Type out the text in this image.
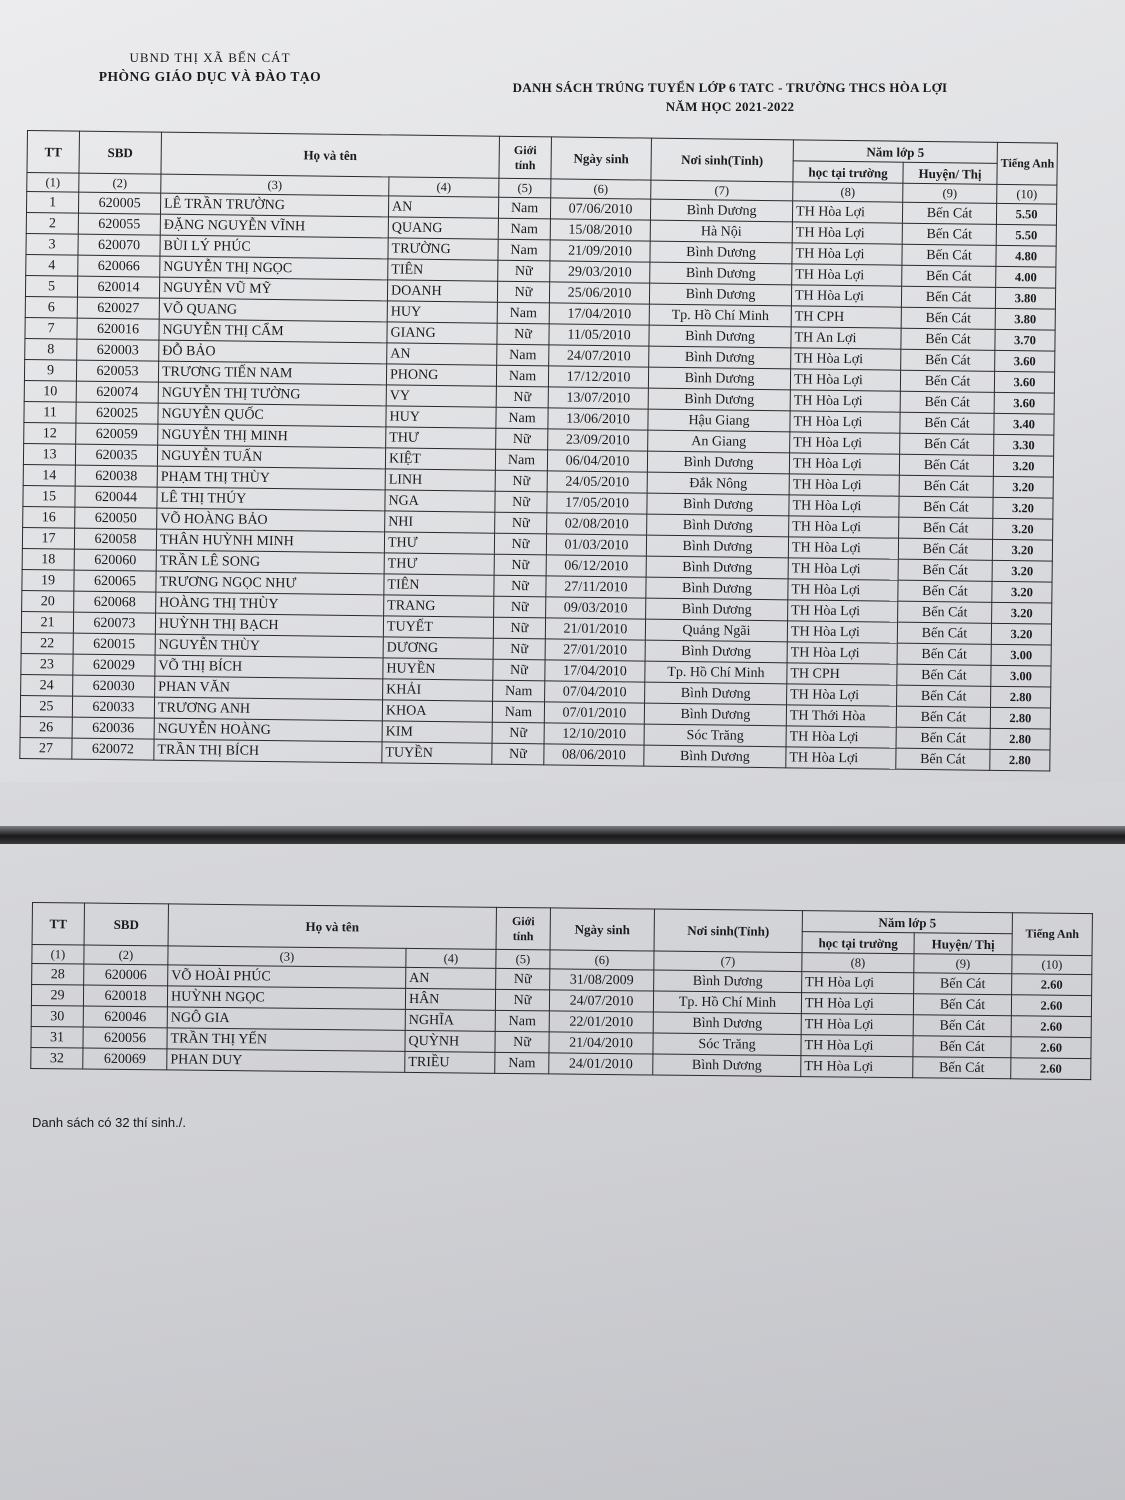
UBND THỊ XÃ BẾN CÁT
PHÒNG GIÁO DỤC VÀ ĐÀO TẠO
DANH SÁCH TRÚNG TUYỂN LỚP 6 TATC - TRƯỜNG THCS HÒA LỢI
NĂM HỌC 2021-2022
TT	SBD	Họ và tên		Giới
tính	Ngày sinh	Nơi sinh(Tỉnh)	Năm lớp 5		Tiếng Anh
							học tại trường	Huyện/ Thị	
(1)	(2)	(3)	(4)	(5)	(6)	(7)	(8)	(9)	(10)
1	620005	LÊ TRẦN TRƯỜNG	AN	Nam	07/06/2010	Bình Dương	TH Hòa Lợi	Bến Cát	5.50
2	620055	ĐẶNG NGUYỄN VĨNH	QUANG	Nam	15/08/2010	Hà Nội	TH Hòa Lợi	Bến Cát	5.50
3	620070	BÙI LÝ PHÚC	TRƯỜNG	Nam	21/09/2010	Bình Dương	TH Hòa Lợi	Bến Cát	4.80
4	620066	NGUYỄN THỊ NGỌC	TIÊN	Nữ	29/03/2010	Bình Dương	TH Hòa Lợi	Bến Cát	4.00
5	620014	NGUYỄN VŨ MỸ	DOANH	Nữ	25/06/2010	Bình Dương	TH Hòa Lợi	Bến Cát	3.80
6	620027	VÕ QUANG	HUY	Nam	17/04/2010	Tp. Hồ Chí Minh	TH CPH	Bến Cát	3.80
7	620016	NGUYỄN THỊ CẨM	GIANG	Nữ	11/05/2010	Bình Dương	TH An Lợi	Bến Cát	3.70
8	620003	ĐỖ BẢO	AN	Nam	24/07/2010	Bình Dương	TH Hòa Lợi	Bến Cát	3.60
9	620053	TRƯƠNG TIẾN NAM	PHONG	Nam	17/12/2010	Bình Dương	TH Hòa Lợi	Bến Cát	3.60
10	620074	NGUYỄN THỊ TƯỜNG	VY	Nữ	13/07/2010	Bình Dương	TH Hòa Lợi	Bến Cát	3.60
11	620025	NGUYỄN QUỐC	HUY	Nam	13/06/2010	Hậu Giang	TH Hòa Lợi	Bến Cát	3.40
12	620059	NGUYỄN THỊ MINH	THƯ	Nữ	23/09/2010	An Giang	TH Hòa Lợi	Bến Cát	3.30
13	620035	NGUYỄN TUẤN	KIỆT	Nam	06/04/2010	Bình Dương	TH Hòa Lợi	Bến Cát	3.20
14	620038	PHẠM THỊ THÙY	LINH	Nữ	24/05/2010	Đắk Nông	TH Hòa Lợi	Bến Cát	3.20
15	620044	LÊ THỊ THÚY	NGA	Nữ	17/05/2010	Bình Dương	TH Hòa Lợi	Bến Cát	3.20
16	620050	VÕ HOÀNG BẢO	NHI	Nữ	02/08/2010	Bình Dương	TH Hòa Lợi	Bến Cát	3.20
17	620058	THÂN HUỲNH MINH	THƯ	Nữ	01/03/2010	Bình Dương	TH Hòa Lợi	Bến Cát	3.20
18	620060	TRẦN LÊ SONG	THƯ	Nữ	06/12/2010	Bình Dương	TH Hòa Lợi	Bến Cát	3.20
19	620065	TRƯƠNG NGỌC NHƯ	TIÊN	Nữ	27/11/2010	Bình Dương	TH Hòa Lợi	Bến Cát	3.20
20	620068	HOÀNG THỊ THÙY	TRANG	Nữ	09/03/2010	Bình Dương	TH Hòa Lợi	Bến Cát	3.20
21	620073	HUỲNH THỊ BẠCH	TUYẾT	Nữ	21/01/2010	Quảng Ngãi	TH Hòa Lợi	Bến Cát	3.20
22	620015	NGUYỄN THÙY	DƯƠNG	Nữ	27/01/2010	Bình Dương	TH Hòa Lợi	Bến Cát	3.00
23	620029	VÕ THỊ BÍCH	HUYỀN	Nữ	17/04/2010	Tp. Hồ Chí Minh	TH CPH	Bến Cát	3.00
24	620030	PHAN VĂN	KHẢI	Nam	07/04/2010	Bình Dương	TH Hòa Lợi	Bến Cát	2.80
25	620033	TRƯƠNG ANH	KHOA	Nam	07/01/2010	Bình Dương	TH Thới Hòa	Bến Cát	2.80
26	620036	NGUYỄN HOÀNG	KIM	Nữ	12/10/2010	Sóc Trăng	TH Hòa Lợi	Bến Cát	2.80
27	620072	TRẦN THỊ BÍCH	TUYỀN	Nữ	08/06/2010	Bình Dương	TH Hòa Lợi	Bến Cát	2.80
TT	SBD	Họ và tên		Giới
tính	Ngày sinh	Nơi sinh(Tỉnh)	Năm lớp 5		Tiếng Anh
							học tại trường	Huyện/ Thị	
(1)	(2)	(3)	(4)	(5)	(6)	(7)	(8)	(9)	(10)
28	620006	VÕ HOÀI PHÚC	AN	Nữ	31/08/2009	Bình Dương	TH Hòa Lợi	Bến Cát	2.60
29	620018	HUỲNH NGỌC	HÂN	Nữ	24/07/2010	Tp. Hồ Chí Minh	TH Hòa Lợi	Bến Cát	2.60
30	620046	NGÔ GIA	NGHĨA	Nam	22/01/2010	Bình Dương	TH Hòa Lợi	Bến Cát	2.60
31	620056	TRẦN THỊ YẾN	QUỲNH	Nữ	21/04/2010	Sóc Trăng	TH Hòa Lợi	Bến Cát	2.60
32	620069	PHAN DUY	TRIỀU	Nam	24/01/2010	Bình Dương	TH Hòa Lợi	Bến Cát	2.60
Danh sách có 32 thí sinh./.
